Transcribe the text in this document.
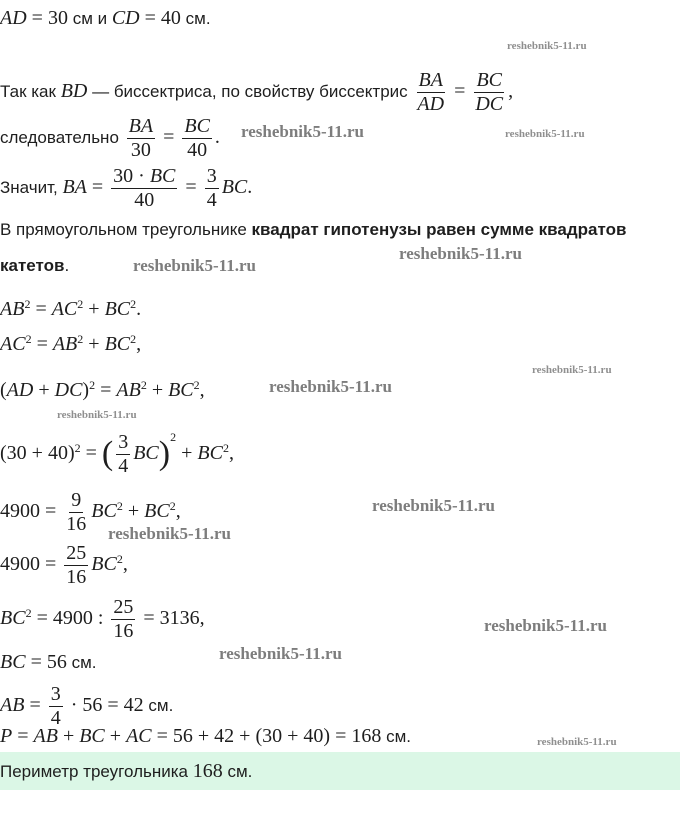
AD = 30 см и CD = 40 см.
Так как BD — биссектриса, по свойству биссектрис $\frac{BA}{AD} = \frac{BC}{DC}$ ,
следовательно $\frac{BA}{30} = \frac{BC}{40}$ .
Значит, BA = $\frac{30 \cdot BC}{40} = \frac{3}{4}$ BC.
В прямоугольном треугольнике квадрат гипотенузы равен сумме квадратов
катетов.
$AB^2 = AC^2 + BC^2$.
$AC^2 = AB^2 + BC^2$,
$(AD + DC)^2 = AB^2 + BC^2$,
$(30 + 40)^2$ = ( $\frac{3}{4} BC)^2 + BC^2$,
$4900 = \frac{9}{16} BC^2 + BC^2$,
$4900 = \frac{25}{16} BC^2$,
$BC^2 = 4900$ : $\frac{25}{16} = 3136$,
BC = 56 см.
AB = $\frac{3}{4} \cdot 56 = 42$ см.
P = AB + BC + AC = 56 + 42 + (30 + 40) = 168 см.
Периметр треугольника 168 см.
reshebnik5-11.ru
reshebnik5-11.ru	reshebnik5-11.ru
reshebnik5-11.ru
reshebnik5-11.ru
reshebnik5-11.ru
reshebnik5-11.ru
reshebnik5-11.ru
reshebnik5-11.ru
reshebnik5-11.ru
reshebnik5-11.ru
reshebnik5-11.ru
reshebnik5-11.ru
